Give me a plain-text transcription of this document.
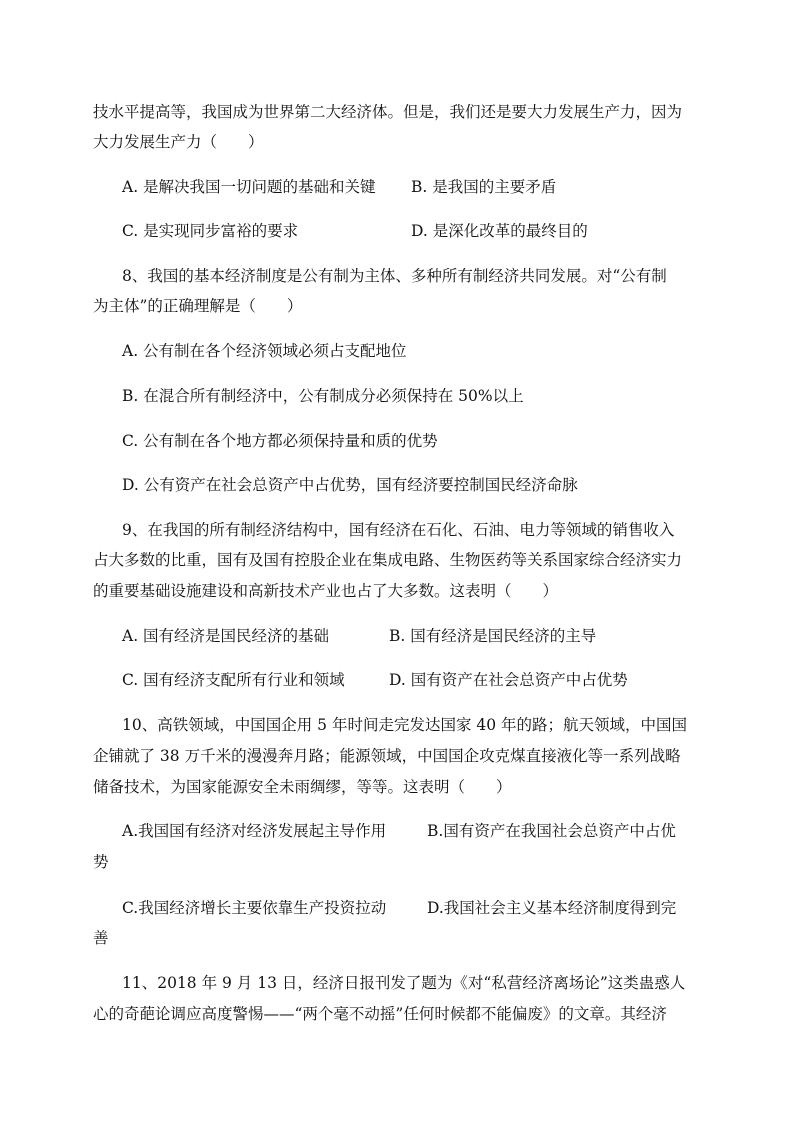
技水平提高等，我国成为世界第二大经济体。但是，我们还是要大力发展生产力，因为
大力发展生产力（　　）
A. 是解决我国一切问题的基础和关键 B. 是我国的主要矛盾
C. 是实现同步富裕的要求	D. 是深化改革的最终目的
8、我国的基本经济制度是公有制为主体、多种所有制经济共同发展。对“公有制
为主体”的正确理解是（　　）
A. 公有制在各个经济领域必须占支配地位
B. 在混合所有制经济中，公有制成分必须保持在 50%以上
C. 公有制在各个地方都必须保持量和质的优势
D. 公有资产在社会总资产中占优势，国有经济要控制国民经济命脉
9、在我国的所有制经济结构中，国有经济在石化、石油、电力等领域的销售收入
占大多数的比重，国有及国有控股企业在集成电路、生物医药等关系国家综合经济实力
的重要基础设施建设和高新技术产业也占了大多数。这表明（　　）
A. 国有经济是国民经济的基础	B. 国有经济是国民经济的主导
C. 国有经济支配所有行业和领域	D. 国有资产在社会总资产中占优势
10、高铁领域，中国国企用 5 年时间走完发达国家 40 年的路；航天领域，中国国
企铺就了 38 万千米的漫漫奔月路；能源领域，中国国企攻克煤直接液化等一系列战略
储备技术，为国家能源安全未雨绸缪，等等。这表明（　　）
A.我国国有经济对经济发展起主导作用	B.国有资产在我国社会总资产中占优
势
C.我国经济增长主要依靠生产投资拉动	D.我国社会主义基本经济制度得到完
善
11、2018 年 9 月 13 日，经济日报刊发了题为《对“私营经济离场论”这类蛊惑人
心的奇葩论调应高度警惕——“两个毫不动摇”任何时候都不能偏废》的文章。其经济
